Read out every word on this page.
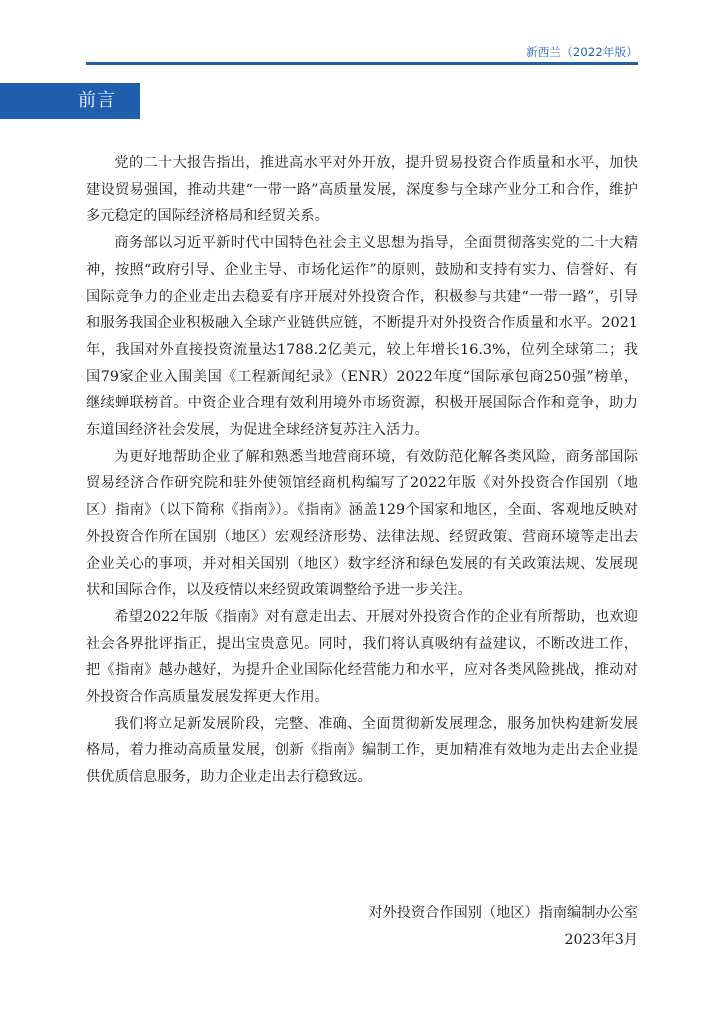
新西兰（2022年版）
前言

党的二十大报告指出，推进高水平对外开放，提升贸易投资合作质量和水平，加快建设贸易强国，推动共建“一带一路”高质量发展，深度参与全球产业分工和合作，维护多元稳定的国际经济格局和经贸关系。

商务部以习近平新时代中国特色社会主义思想为指导，全面贯彻落实党的二十大精神，按照“政府引导、企业主导、市场化运作”的原则，鼓励和支持有实力、信誉好、有国际竞争力的企业走出去稳妥有序开展对外投资合作，积极参与共建“一带一路”，引导和服务我国企业积极融入全球产业链供应链，不断提升对外投资合作质量和水平。2021年，我国对外直接投资流量达1788.2亿美元，较上年增长16.3%，位列全球第二；我国79家企业入围美国《工程新闻纪录》（ENR）2022年度“国际承包商250强”榜单，继续蝉联榜首。中资企业合理有效利用境外市场资源，积极开展国际合作和竞争，助力东道国经济社会发展，为促进全球经济复苏注入活力。

为更好地帮助企业了解和熟悉当地营商环境，有效防范化解各类风险，商务部国际贸易经济合作研究院和驻外使领馆经商机构编写了2022年版《对外投资合作国别（地区）指南》（以下简称《指南》）。《指南》涵盖129个国家和地区，全面、客观地反映对外投资合作所在国别（地区）宏观经济形势、法律法规、经贸政策、营商环境等走出去企业关心的事项，并对相关国别（地区）数字经济和绿色发展的有关政策法规、发展现状和国际合作，以及疫情以来经贸政策调整给予进一步关注。

希望2022年版《指南》对有意走出去、开展对外投资合作的企业有所帮助，也欢迎社会各界批评指正，提出宝贵意见。同时，我们将认真吸纳有益建议，不断改进工作，把《指南》越办越好，为提升企业国际化经营能力和水平，应对各类风险挑战，推动对外投资合作高质量发展发挥更大作用。

我们将立足新发展阶段，完整、准确、全面贯彻新发展理念，服务加快构建新发展格局，着力推动高质量发展，创新《指南》编制工作，更加精准有效地为走出去企业提供优质信息服务，助力企业走出去行稳致远。

对外投资合作国别（地区）指南编制办公室
2023年3月
